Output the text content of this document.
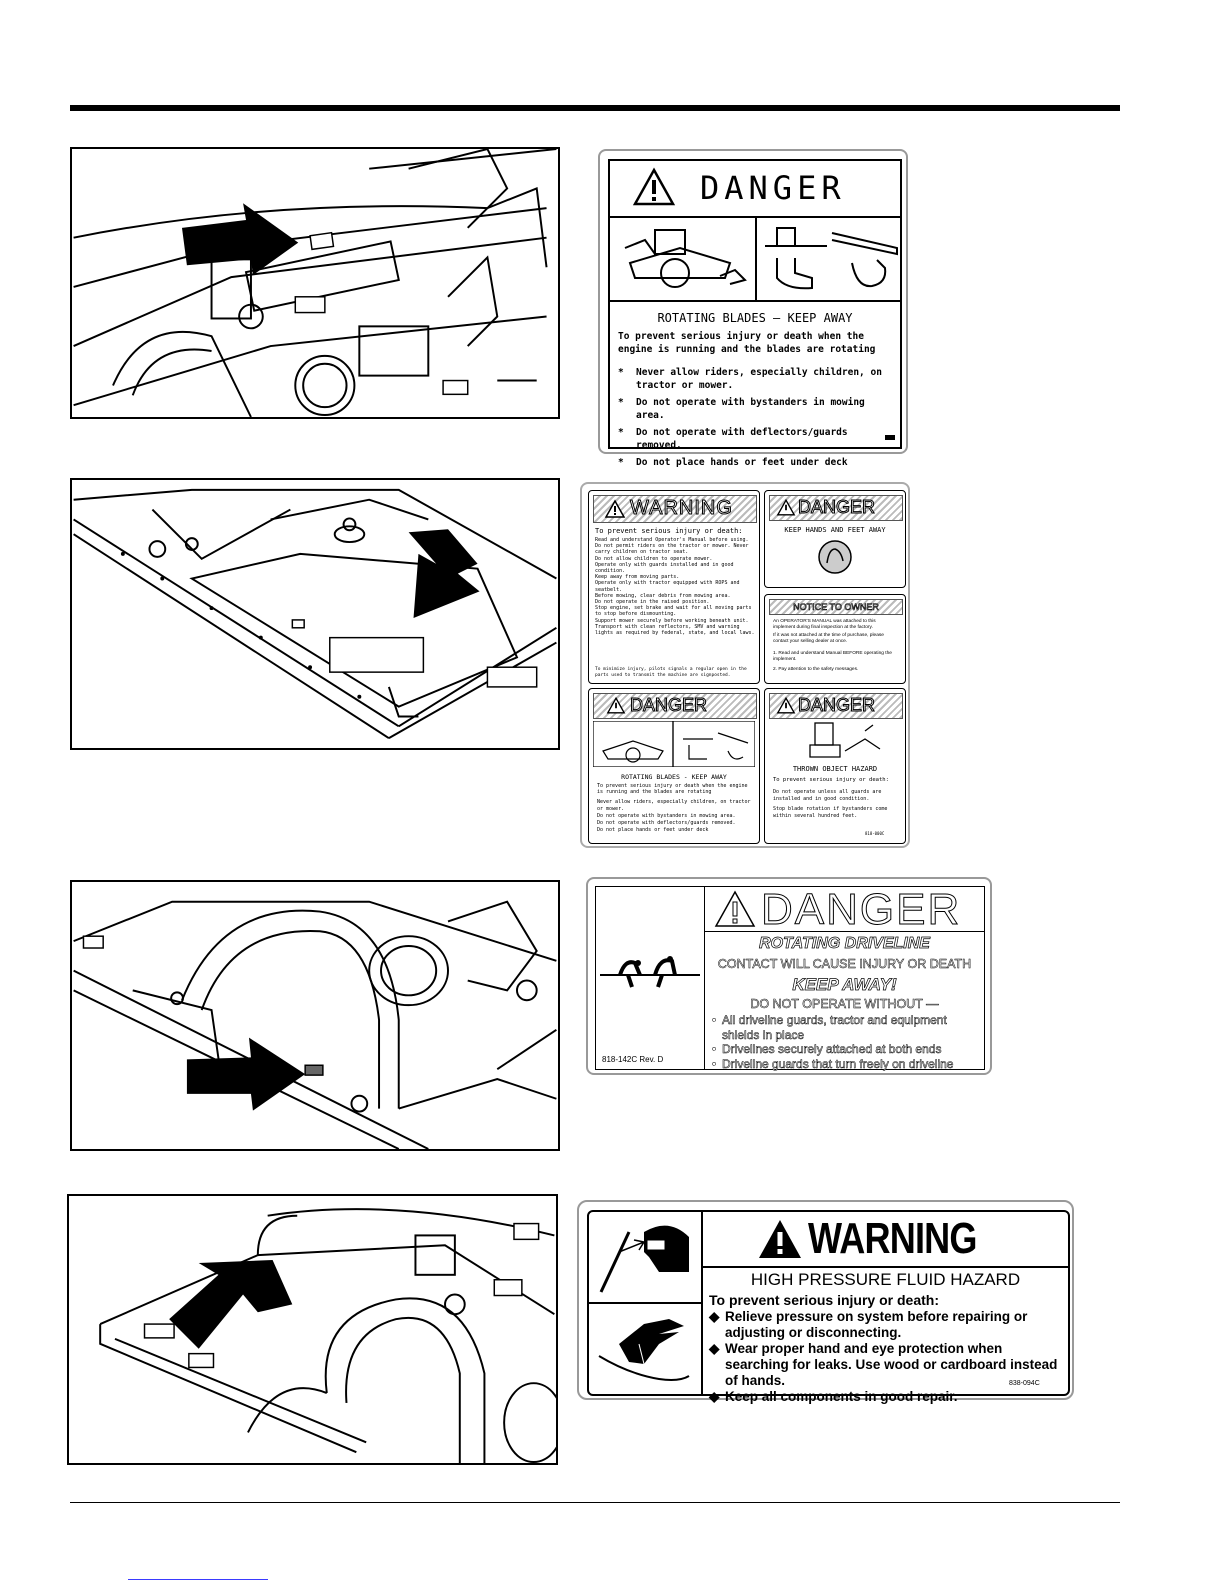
DANGER
ROTATING BLADES — KEEP AWAY
To prevent serious injury or death when the engine is running and the blades are rotating
*	Never allow riders, especially children, on tractor or mower.
*	Do not operate with bystanders in mowing area.
*	Do not operate with deflectors/guards removed.
*	Do not place hands or feet under deck
WARNING
To prevent serious injury or death:
Read and understand Operator's Manual before using.
Do not permit riders on the tractor or mower. Never carry children on tractor seat.
Do not allow children to operate mower.
Operate only with guards installed and in good condition.
Keep away from moving parts.
Operate only with tractor equipped with ROPS and seatbelt.
Before mowing, clear debris from mowing area.
Do not operate in the raised position.
Stop engine, set brake and wait for all moving parts to stop before dismounting.
Support mower securely before working beneath unit.
Transport with clean reflectors, SMV and warning lights as required by federal, state, and local laws.
To minimize injury, pilots signals a regular open in the parts used to transmit the machine are signposted.
DANGER
KEEP HANDS AND FEET AWAY
NOTICE TO OWNER
An OPERATOR'S MANUAL was attached to this implement during final inspection at the factory.
If it was not attached at the time of purchase, please contact your selling dealer at once.
1. Read and understand Manual BEFORE operating the implement.
2. Pay attention to the safety messages.
DANGER
ROTATING BLADES - KEEP AWAY
To prevent serious injury or death when the engine is running and the blades are rotating
Never allow riders, especially children, on tractor or mower.
Do not operate with bystanders in mowing area.
Do not operate with deflectors/guards removed.
Do not place hands or feet under deck
DANGER
THROWN OBJECT HAZARD
To prevent serious injury or death:
Do not operate unless all guards are installed and in good condition.
Stop blade rotation if bystanders come within several hundred feet.
818-000C
818-142C Rev. D
DANGER
ROTATING DRIVELINE
CONTACT WILL CAUSE INJURY OR DEATH
KEEP AWAY!
DO NOT OPERATE WITHOUT —
• All driveline guards, tractor and equipment shields in place
• Drivelines securely attached at both ends
• Driveline guards that turn freely on driveline
WARNING
HIGH PRESSURE FLUID HAZARD
To prevent serious injury or death:
◆ Relieve pressure on system before repairing or adjusting or disconnecting.
◆ Wear proper hand and eye protection when searching for leaks. Use wood or cardboard instead of hands.
◆ Keep all components in good repair.
838-094C
